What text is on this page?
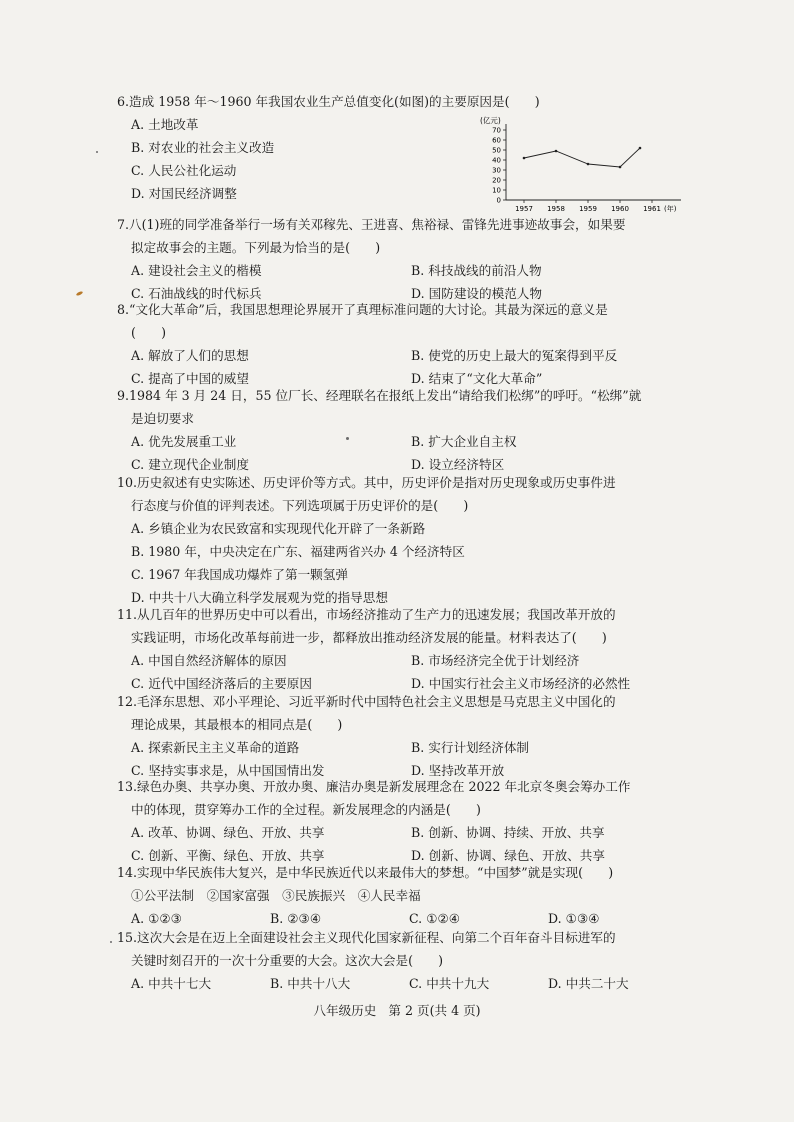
6.造成 1958 年～1960 年我国农业生产总值变化(如图)的主要原因是(　　)
A. 土地改革
B. 对农业的社会主义改造
C. 人民公社化运动
D. 对国民经济调整
(亿元)
(年)
0
10
20
30
40
50
60
70
1957 1958 1959 1960 1961
7.八(1)班的同学准备举行一场有关邓稼先、王进喜、焦裕禄、雷锋先进事迹故事会，如果要
拟定故事会的主题。下列最为恰当的是(　　)
A. 建设社会主义的楷模	B. 科技战线的前沿人物
C. 石油战线的时代标兵	D. 国防建设的模范人物
8.“文化大革命”后，我国思想理论界展开了真理标准问题的大讨论。其最为深远的意义是
(　　)
A. 解放了人们的思想	B. 使党的历史上最大的冤案得到平反
C. 提高了中国的威望	D. 结束了“文化大革命”
9.1984 年 3 月 24 日，55 位厂长、经理联名在报纸上发出“请给我们松绑”的呼吁。“松绑”就
是迫切要求
A. 优先发展重工业	B. 扩大企业自主权
C. 建立现代企业制度	D. 设立经济特区
10.历史叙述有史实陈述、历史评价等方式。其中，历史评价是指对历史现象或历史事件进
行态度与价值的评判表述。下列选项属于历史评价的是(　　)
A. 乡镇企业为农民致富和实现现代化开辟了一条新路
B. 1980 年，中央决定在广东、福建两省兴办 4 个经济特区
C. 1967 年我国成功爆炸了第一颗氢弹
D. 中共十八大确立科学发展观为党的指导思想
11.从几百年的世界历史中可以看出，市场经济推动了生产力的迅速发展；我国改革开放的
实践证明，市场化改革每前进一步，都释放出推动经济发展的能量。材料表达了(　　)
A. 中国自然经济解体的原因	B. 市场经济完全优于计划经济
C. 近代中国经济落后的主要原因	D. 中国实行社会主义市场经济的必然性
12.毛泽东思想、邓小平理论、习近平新时代中国特色社会主义思想是马克思主义中国化的
理论成果，其最根本的相同点是(　　)
A. 探索新民主主义革命的道路	B. 实行计划经济体制
C. 坚持实事求是，从中国国情出发	D. 坚持改革开放
13.绿色办奥、共享办奥、开放办奥、廉洁办奥是新发展理念在 2022 年北京冬奥会筹办工作
中的体现，贯穿筹办工作的全过程。新发展理念的内涵是(　　)
A. 改革、协调、绿色、开放、共享	B. 创新、协调、持续、开放、共享
C. 创新、平衡、绿色、开放、共享	D. 创新、协调、绿色、开放、共享
14.实现中华民族伟大复兴，是中华民族近代以来最伟大的梦想。“中国梦”就是实现(　　)
①公平法制　②国家富强　③民族振兴　④人民幸福
A. ①②③	B. ②③④	C. ①②④	D. ①③④
15.这次大会是在迈上全面建设社会主义现代化国家新征程、向第二个百年奋斗目标进军的
关键时刻召开的一次十分重要的大会。这次大会是(　　)
A. 中共十七大	B. 中共十八大	C. 中共十九大	D. 中共二十大
八年级历史 第 2 页(共 4 页)
